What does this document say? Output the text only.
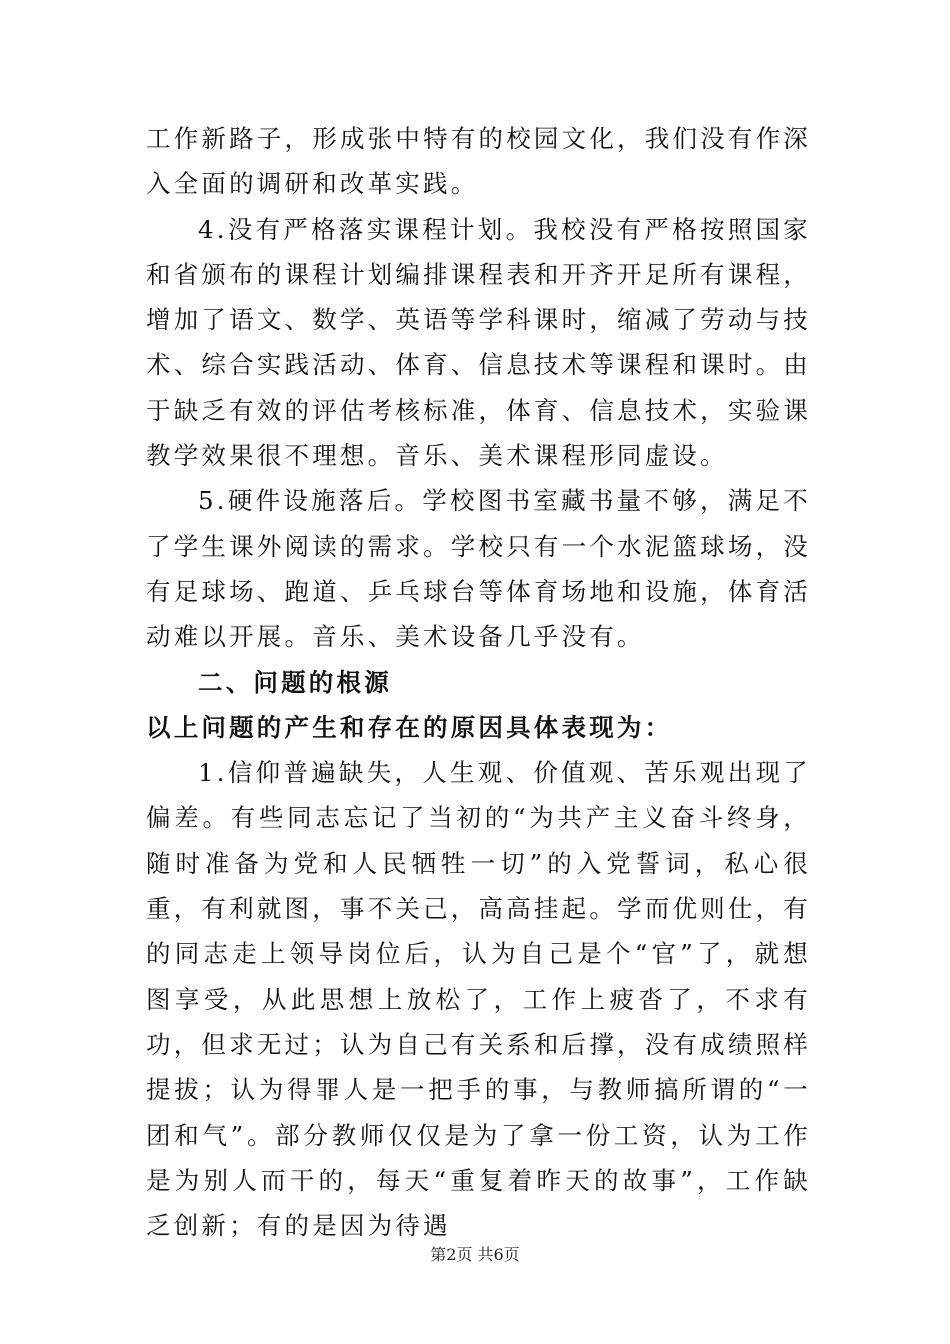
工作新路子，形成张中特有的校园文化，我们没有作深入全面的调研和改革实践。

4.没有严格落实课程计划。我校没有严格按照国家和省颁布的课程计划编排课程表和开齐开足所有课程，增加了语文、数学、英语等学科课时，缩减了劳动与技术、综合实践活动、体育、信息技术等课程和课时。由于缺乏有效的评估考核标准，体育、信息技术，实验课教学效果很不理想。音乐、美术课程形同虚设。

5.硬件设施落后。学校图书室藏书量不够，满足不了学生课外阅读的需求。学校只有一个水泥篮球场，没有足球场、跑道、乒乓球台等体育场地和设施，体育活动难以开展。音乐、美术设备几乎没有。

二、问题的根源

以上问题的产生和存在的原因具体表现为：

1.信仰普遍缺失，人生观、价值观、苦乐观出现了偏差。有些同志忘记了当初的“为共产主义奋斗终身，随时准备为党和人民牺牲一切”的入党誓词，私心很重，有利就图，事不关己，高高挂起。学而优则仕，有的同志走上领导岗位后，认为自己是个“官”了，就想图享受，从此思想上放松了，工作上疲沓了，不求有功，但求无过；认为自己有关系和后撑，没有成绩照样提拔；认为得罪人是一把手的事，与教师搞所谓的“一团和气”。部分教师仅仅是为了拿一份工资，认为工作是为别人而干的，每天“重复着昨天的故事”，工作缺乏创新；有的是因为待遇

第2页 共6页
